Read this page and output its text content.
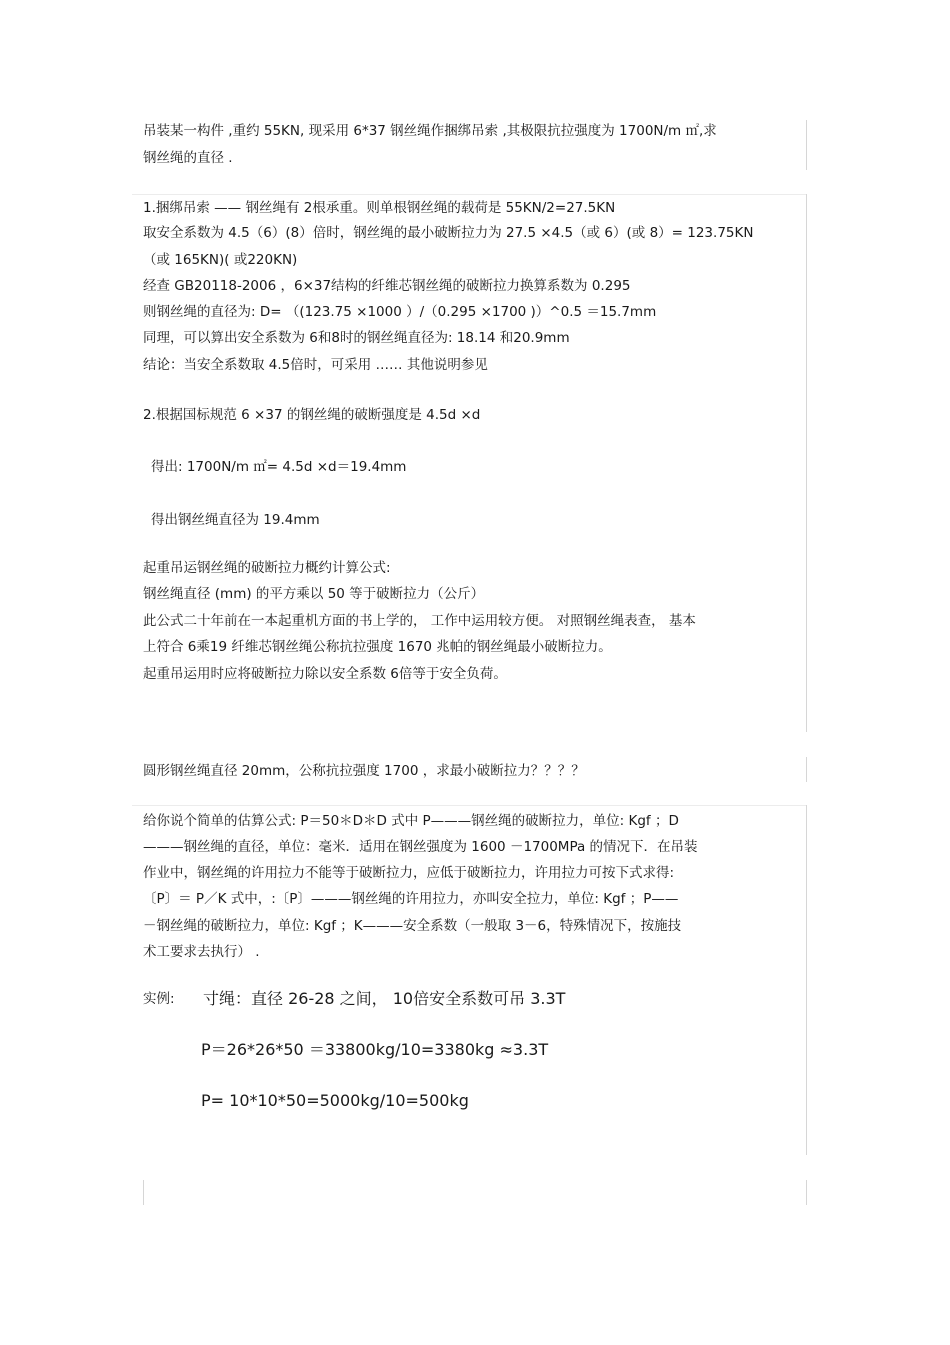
吊装某一构件 ,重约 55KN, 现采用 6*37 钢丝绳作捆绑吊索 ,其极限抗拉强度为 1700N/m ㎡,求
钢丝绳的直径 .
1.捆绑吊索 —— 钢丝绳有 2根承重。则单根钢丝绳的载荷是 55KN/2=27.5KN
取安全系数为 4.5（6）(8）倍时，钢丝绳的最小破断拉力为 27.5 ×4.5（或 6）(或 8）= 123.75KN
（或 165KN)( 或220KN)
经查 GB20118-2006 ，6×37结构的纤维芯钢丝绳的破断拉力换算系数为 0.295
则钢丝绳的直径为: D= （(123.75 ×1000 ）/（0.295 ×1700 )）^0.5 ＝15.7mm
同理，可以算出安全系数为 6和8时的钢丝绳直径为: 18.14 和20.9mm
结论：当安全系数取 4.5倍时，可采用 …… 其他说明参见
2.根据国标规范 6 ×37 的钢丝绳的破断强度是 4.5d ×d
得出: 1700N/m ㎡= 4.5d ×d＝19.4mm
得出钢丝绳直径为 19.4mm
起重吊运钢丝绳的破断拉力概约计算公式:
钢丝绳直径 (mm) 的平方乘以 50 等于破断拉力（公斤）
此公式二十年前在一本起重机方面的书上学的， 工作中运用较方便。 对照钢丝绳表查， 基本
上符合 6乘19 纤维芯钢丝绳公称抗拉强度 1670 兆帕的钢丝绳最小破断拉力。
起重吊运用时应将破断拉力除以安全系数 6倍等于安全负荷。
圆形钢丝绳直径 20mm，公称抗拉强度 1700 ，求最小破断拉力？？？？
给你说个简单的估算公式: P＝50＊D＊D 式中 P———钢丝绳的破断拉力，单位: Kgf ；D
———钢丝绳的直径，单位：毫米．适用在钢丝强度为 1600 －1700MPa 的情况下．在吊装
作业中，钢丝绳的许用拉力不能等于破断拉力，应低于破断拉力，许用拉力可按下式求得:
〔P〕＝ P／K 式中，:〔P〕———钢丝绳的许用拉力，亦叫安全拉力，单位: Kgf ；P——
－钢丝绳的破断拉力，单位: Kgf ；K———安全系数（一般取 3－6，特殊情况下，按施技
术工要求去执行） .
实例: 寸绳：直径 26-28 之间， 10倍安全系数可吊 3.3T
P＝26*26*50 ＝33800kg/10=3380kg ≈3.3T
P= 10*10*50=5000kg/10=500kg
